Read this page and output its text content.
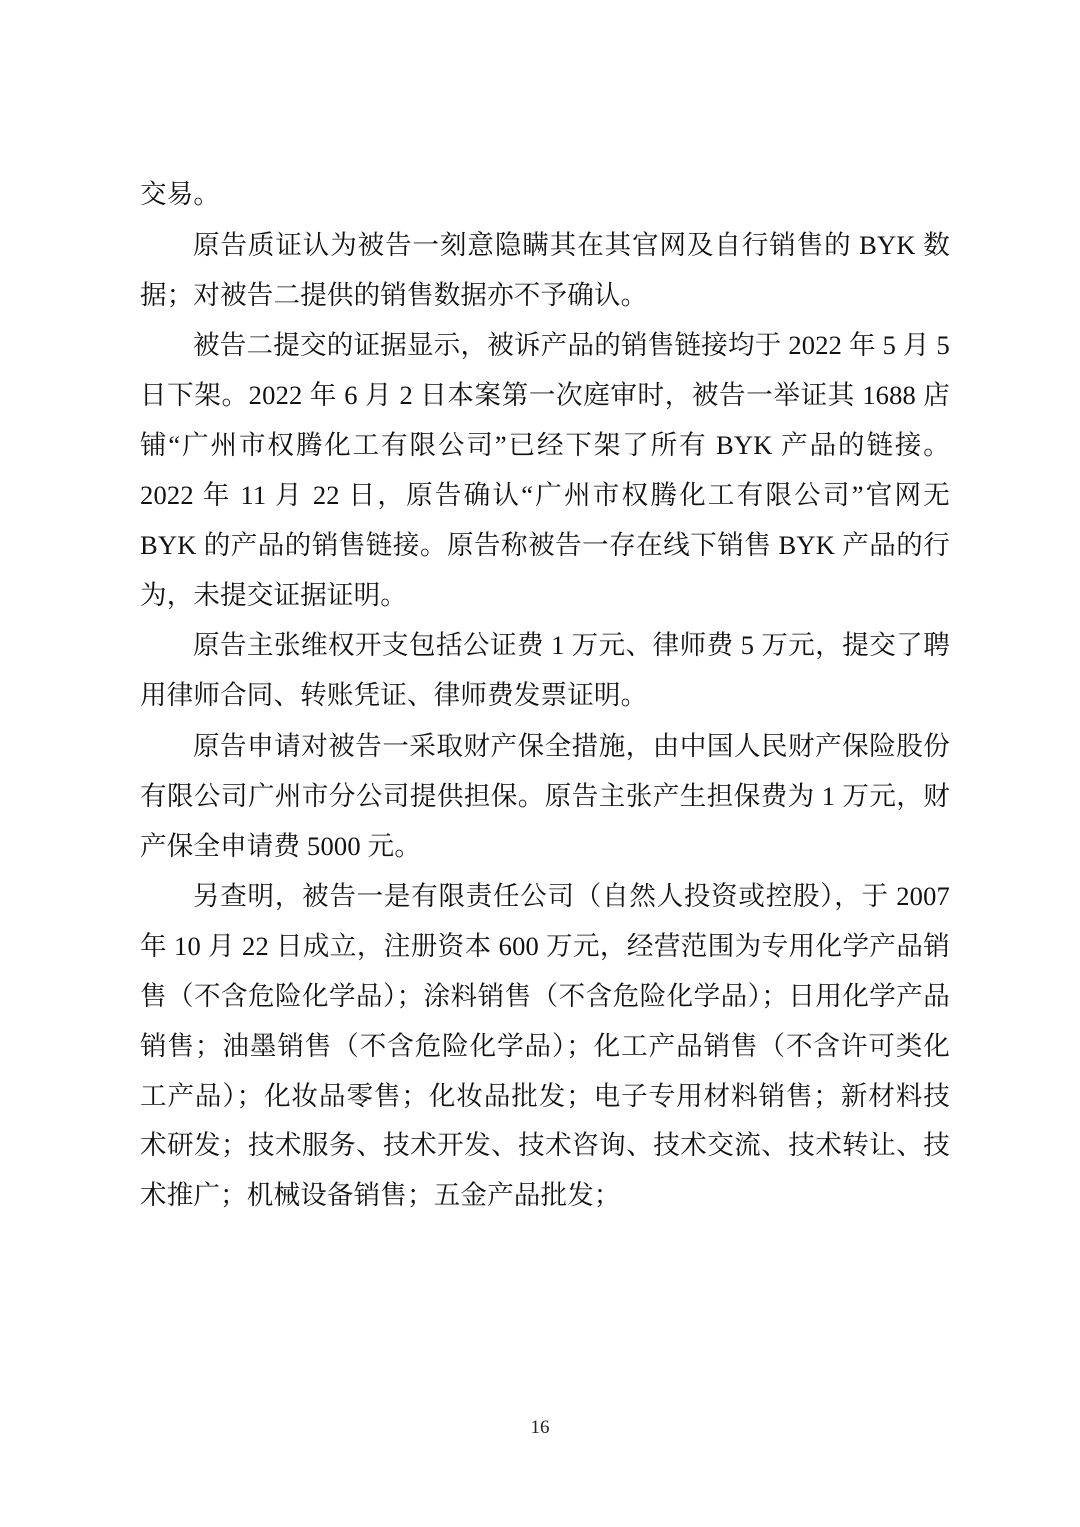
交易。

原告质证认为被告一刻意隐瞒其在其官网及自行销售的 BYK 数据；对被告二提供的销售数据亦不予确认。

被告二提交的证据显示，被诉产品的销售链接均于 2022 年 5 月 5 日下架。2022 年 6 月 2 日本案第一次庭审时，被告一举证其 1688 店铺“广州市权腾化工有限公司”已经下架了所有 BYK 产品的链接。2022 年 11 月 22 日，原告确认“广州市权腾化工有限公司”官网无 BYK 的产品的销售链接。原告称被告一存在线下销售 BYK 产品的行为，未提交证据证明。

原告主张维权开支包括公证费 1 万元、律师费 5 万元，提交了聘用律师合同、转账凭证、律师费发票证明。

原告申请对被告一采取财产保全措施，由中国人民财产保险股份有限公司广州市分公司提供担保。原告主张产生担保费为 1 万元，财产保全申请费 5000 元。

另查明，被告一是有限责任公司（自然人投资或控股），于 2007 年 10 月 22 日成立，注册资本 600 万元，经营范围为专用化学产品销售（不含危险化学品）；涂料销售（不含危险化学品）；日用化学产品销售；油墨销售（不含危险化学品）；化工产品销售（不含许可类化工产品）；化妆品零售；化妆品批发；电子专用材料销售；新材料技术研发；技术服务、技术开发、技术咨询、技术交流、技术转让、技术推广；机械设备销售；五金产品批发；

16
